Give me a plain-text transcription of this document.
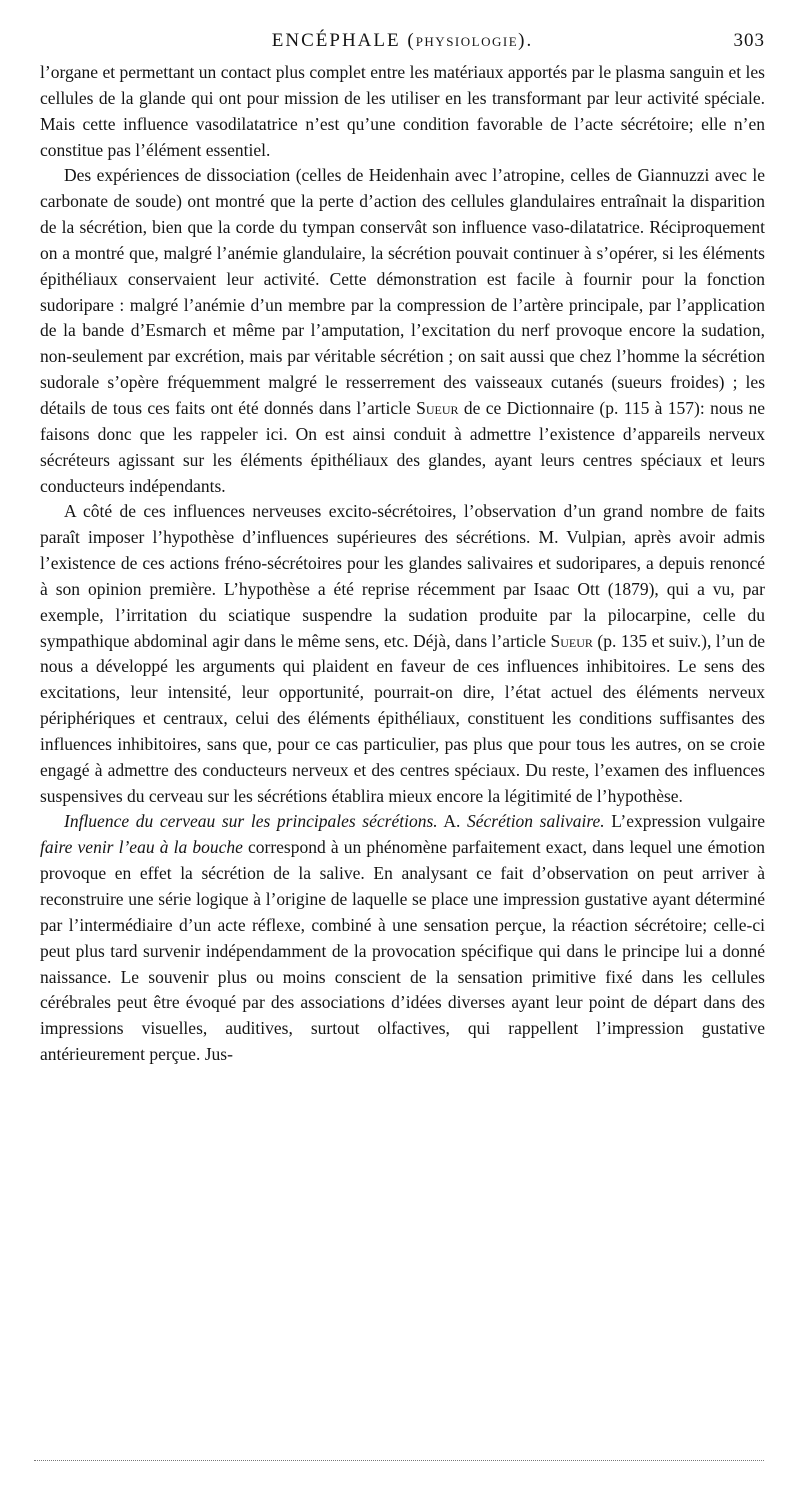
ENCÉPHALE (PHYSIOLOGIE).	303

l’organe et permettant un contact plus complet entre les matériaux apportés par le plasma sanguin et les cellules de la glande qui ont pour mission de les utiliser en les transformant par leur activité spéciale. Mais cette influence vasodilatatrice n’est qu’une condition favorable de l’acte sécrétoire; elle n’en constitue pas l’élément essentiel.

Des expériences de dissociation (celles de Heidenhain avec l’atropine, celles de Giannuzzi avec le carbonate de soude) ont montré que la perte d’action des cellules glandulaires entraînait la disparition de la sécrétion, bien que la corde du tympan conservât son influence vaso-dilatatrice. Réciproquement on a montré que, malgré l’anémie glandulaire, la sécrétion pouvait continuer à s’opérer, si les éléments épithéliaux conservaient leur activité. Cette démonstration est facile à fournir pour la fonction sudoripare : malgré l’anémie d’un membre par la compression de l’artère principale, par l’application de la bande d’Esmarch et même par l’amputation, l’excitation du nerf provoque encore la sudation, non-seulement par excrétion, mais par véritable sécrétion ; on sait aussi que chez l’homme la sécrétion sudorale s’opère fréquemment malgré le resserrement des vaisseaux cutanés (sueurs froides) ; les détails de tous ces faits ont été donnés dans l’article Sueur de ce Dictionnaire (p. 115 à 157): nous ne faisons donc que les rappeler ici. On est ainsi conduit à admettre l’existence d’appareils nerveux sécréteurs agissant sur les éléments épithéliaux des glandes, ayant leurs centres spéciaux et leurs conducteurs indépendants.

A côté de ces influences nerveuses excito-sécrétoires, l’observation d’un grand nombre de faits paraît imposer l’hypothèse d’influences supérieures des sécrétions. M. Vulpian, après avoir admis l’existence de ces actions fréno-sécrétoires pour les glandes salivaires et sudoripares, a depuis renoncé à son opinion première. L’hypothèse a été reprise récemment par Isaac Ott (1879), qui a vu, par exemple, l’irritation du sciatique suspendre la sudation produite par la pilocarpine, celle du sympathique abdominal agir dans le même sens, etc. Déjà, dans l’article Sueur (p. 135 et suiv.), l’un de nous a développé les arguments qui plaident en faveur de ces influences inhibitoires. Le sens des excitations, leur intensité, leur opportunité, pourrait-on dire, l’état actuel des éléments nerveux périphériques et centraux, celui des éléments épithéliaux, constituent les conditions suffisantes des influences inhibitoires, sans que, pour ce cas particulier, pas plus que pour tous les autres, on se croie engagé à admettre des conducteurs nerveux et des centres spéciaux. Du reste, l’examen des influences suspensives du cerveau sur les sécrétions établira mieux encore la légitimité de l’hypothèse.

Influence du cerveau sur les principales sécrétions. A. Sécrétion salivaire. L’expression vulgaire faire venir l’eau à la bouche correspond à un phénomène parfaitement exact, dans lequel une émotion provoque en effet la sécrétion de la salive. En analysant ce fait d’observation on peut arriver à reconstruire une série logique à l’origine de laquelle se place une impression gustative ayant déterminé par l’intermédiaire d’un acte réflexe, combiné à une sensation perçue, la réaction sécrétoire; celle-ci peut plus tard survenir indépendamment de la provocation spécifique qui dans le principe lui a donné naissance. Le souvenir plus ou moins conscient de la sensation primitive fixé dans les cellules cérébrales peut être évoqué par des associations d’idées diverses ayant leur point de départ dans des impressions visuelles, auditives, surtout olfactives, qui rappellent l’impression gustative antérieurement perçue. Jus-
